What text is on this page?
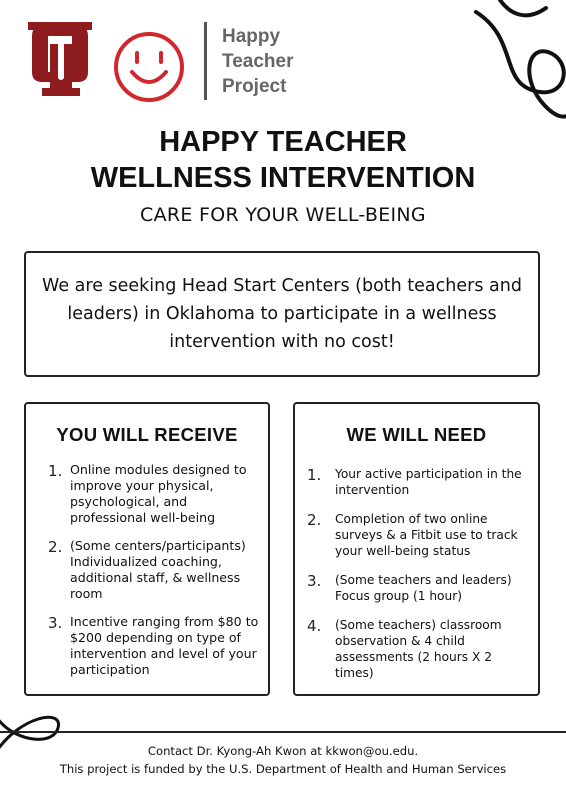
Happy
Teacher
Project
HAPPY TEACHER
WELLNESS INTERVENTION
CARE FOR YOUR WELL-BEING

We are seeking Head Start Centers (both teachers and leaders) in Oklahoma to participate in a wellness intervention with no cost!

YOU WILL RECEIVE
1. Online modules designed to improve your physical, psychological, and professional well-being
2. (Some centers/participants) Individualized coaching, additional staff, & wellness room
3. Incentive ranging from $80 to $200 depending on type of intervention and level of your participation
WE WILL NEED
1.	Your active participation in the intervention
2.	Completion of two online surveys & a Fitbit use to track your well-being status
3.	(Some teachers and leaders) Focus group (1 hour)
4.	(Some teachers) classroom observation & 4 child assessments (2 hours X 2 times)
Contact Dr. Kyong-Ah Kwon at kkwon@ou.edu.
This project is funded by the U.S. Department of Health and Human Services
